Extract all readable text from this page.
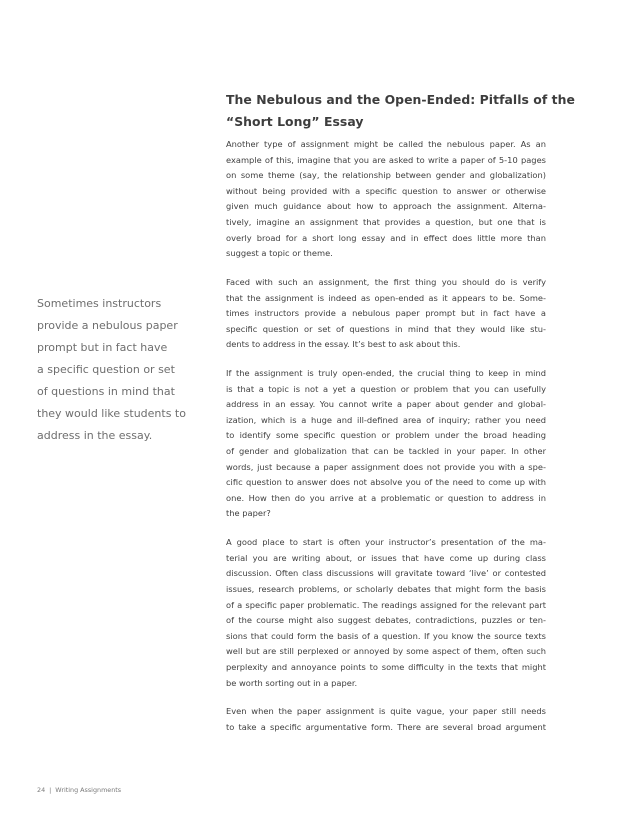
Sometimes instructors
provide a nebulous paper
prompt but in fact have
a specific question or set
of questions in mind that
they would like students to
address in the essay.
The Nebulous and the Open-Ended: Pitfalls of the
“Short Long” Essay
Another type of assignment might be called the nebulous paper. As an
example of this, imagine that you are asked to write a paper of 5-10 pages
on some theme (say, the relationship between gender and globalization)
without being provided with a specific question to answer or otherwise
given much guidance about how to approach the assignment. Alterna-
tively, imagine an assignment that provides a question, but one that is
overly broad for a short long essay and in effect does little more than
suggest a topic or theme.
Faced with such an assignment, the first thing you should do is verify
that the assignment is indeed as open-ended as it appears to be. Some-
times instructors provide a nebulous paper prompt but in fact have a
specific question or set of questions in mind that they would like stu-
dents to address in the essay. It’s best to ask about this.
If the assignment is truly open-ended, the crucial thing to keep in mind
is that a topic is not a yet a question or problem that you can usefully
address in an essay. You cannot write a paper about gender and global-
ization, which is a huge and ill-defined area of inquiry; rather you need
to identify some specific question or problem under the broad heading
of gender and globalization that can be tackled in your paper. In other
words, just because a paper assignment does not provide you with a spe-
cific question to answer does not absolve you of the need to come up with
one. How then do you arrive at a problematic or question to address in
the paper?
A good place to start is often your instructor’s presentation of the ma-
terial you are writing about, or issues that have come up during class
discussion. Often class discussions will gravitate toward ‘live’ or contested
issues, research problems, or scholarly debates that might form the basis
of a specific paper problematic. The readings assigned for the relevant part
of the course might also suggest debates, contradictions, puzzles or ten-
sions that could form the basis of a question. If you know the source texts
well but are still perplexed or annoyed by some aspect of them, often such
perplexity and annoyance points to some difficulty in the texts that might
be worth sorting out in a paper.
Even when the paper assignment is quite vague, your paper still needs
to take a specific argumentative form. There are several broad argument
24 | Writing Assignments
